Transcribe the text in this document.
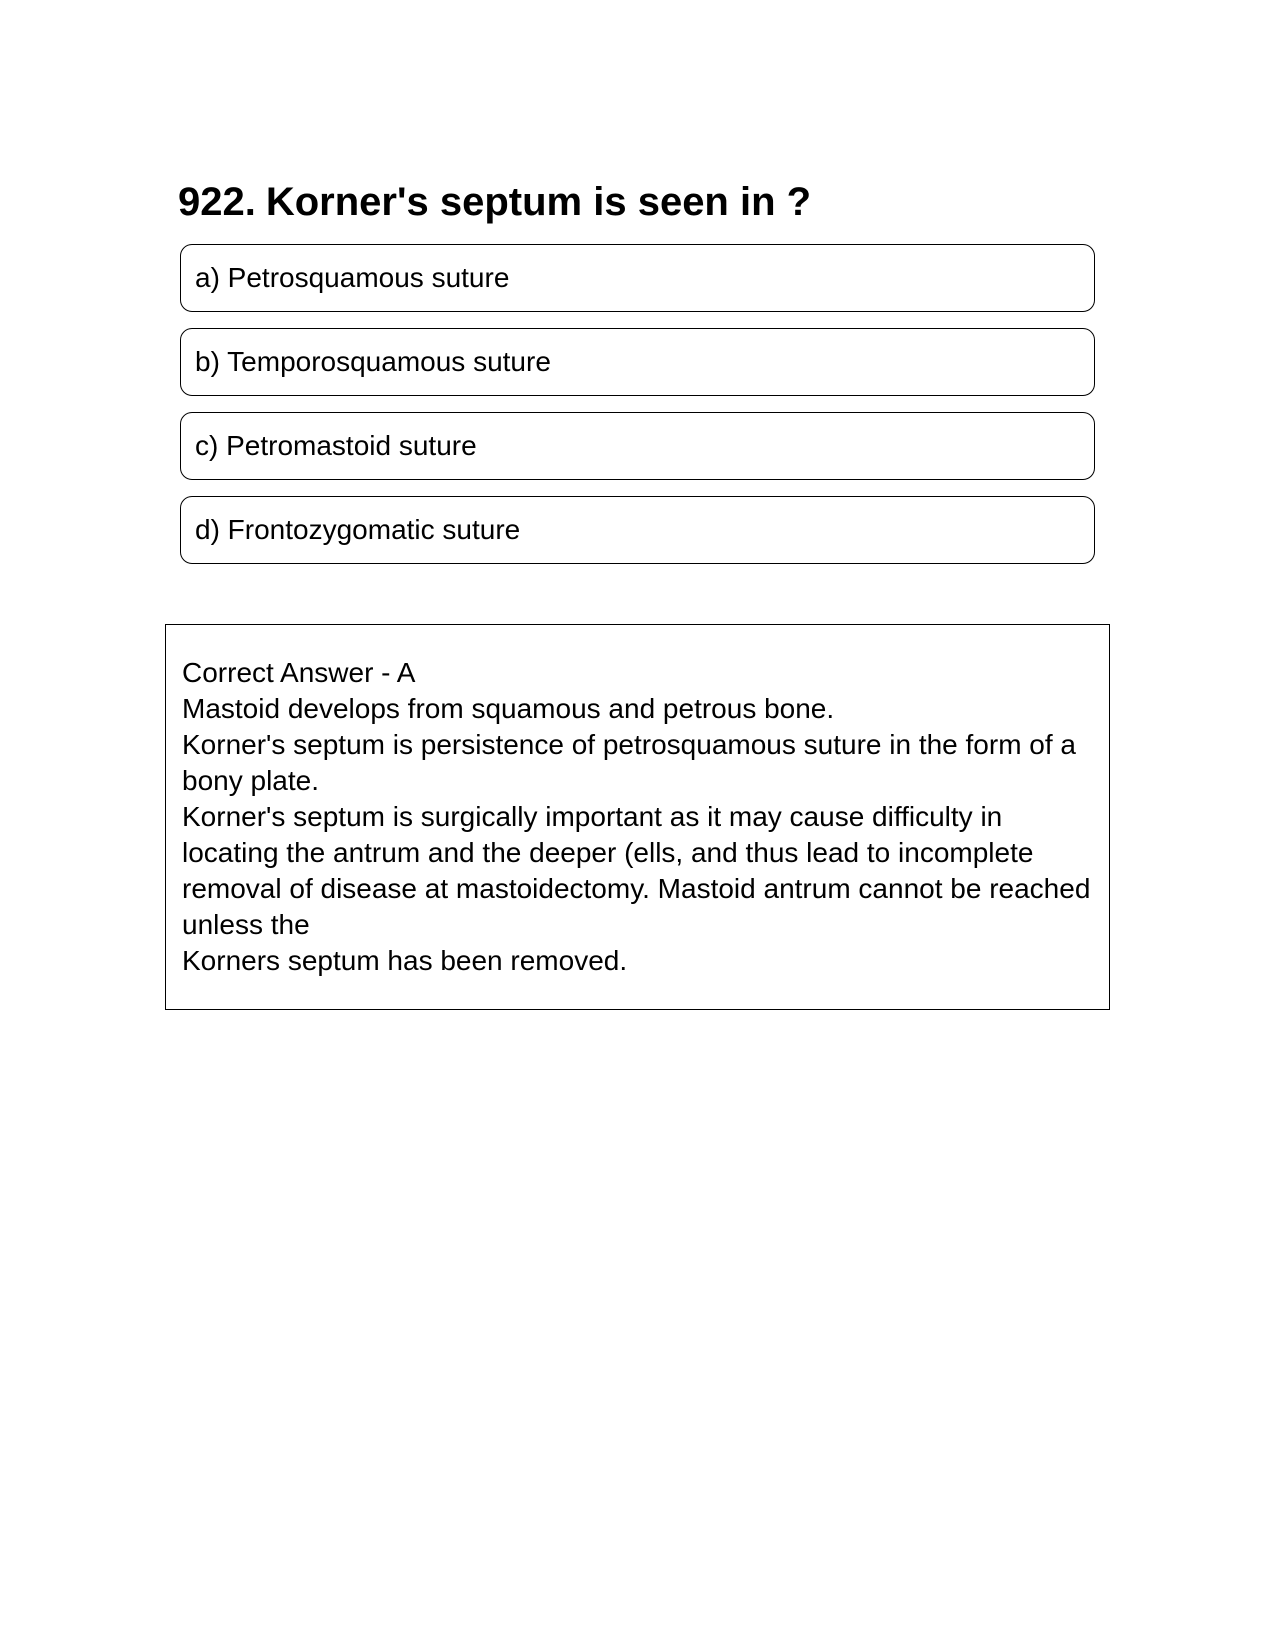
922. Korner's septum is seen in ?
a) Petrosquamous suture
b) Temporosquamous suture
c) Petromastoid suture
d) Frontozygomatic suture
Correct Answer - A
Mastoid develops from squamous and petrous bone.
Korner's septum is persistence of petrosquamous suture in the form of a bony plate.
Korner's septum is surgically important as it may cause difficulty in locating the antrum and the deeper (ells, and thus lead to incomplete removal of disease at mastoidectomy. Mastoid antrum cannot be reached unless the
Korners septum has been removed.
